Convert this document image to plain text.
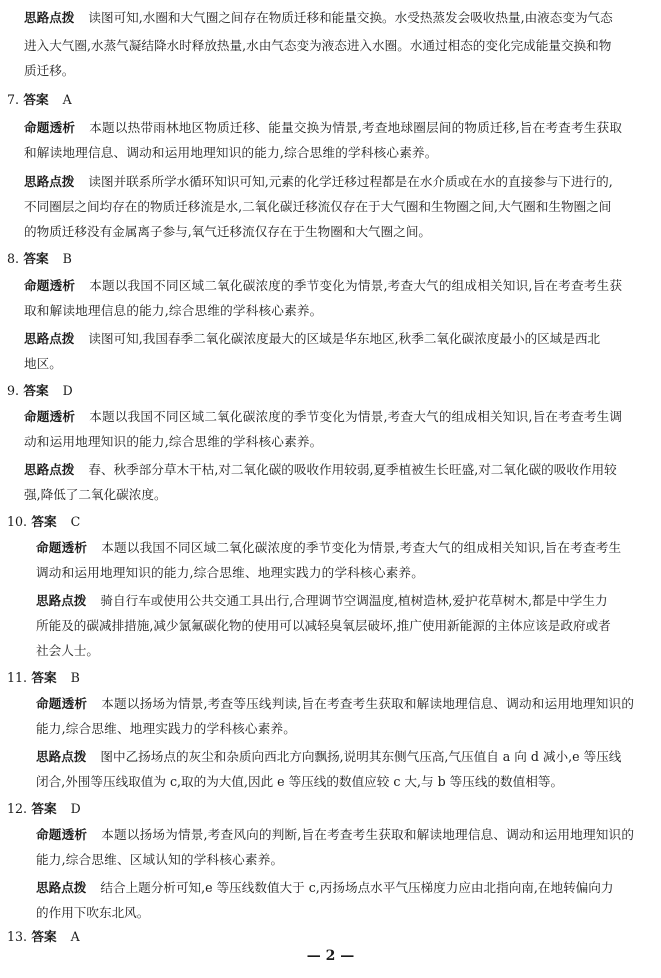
思路点拨 读图可知,水圈和大气圈之间存在物质迁移和能量交换。水受热蒸发会吸收热量,由液态变为气态
进入大气圈,水蒸气凝结降水时释放热量,水由气态变为液态进入水圈。水通过相态的变化完成能量交换和物
质迁移。
7. 答案 A
命题透析 本题以热带雨林地区物质迁移、能量交换为情景,考查地球圈层间的物质迁移,旨在考查考生获取
和解读地理信息、调动和运用地理知识的能力,综合思维的学科核心素养。
思路点拨 读图并联系所学水循环知识可知,元素的化学迁移过程都是在水介质或在水的直接参与下进行的,
不同圈层之间均存在的物质迁移流是水,二氧化碳迁移流仅存在于大气圈和生物圈之间,大气圈和生物圈之间
的物质迁移没有金属离子参与,氧气迁移流仅存在于生物圈和大气圈之间。
8. 答案 B
命题透析 本题以我国不同区域二氧化碳浓度的季节变化为情景,考查大气的组成相关知识,旨在考查考生获
取和解读地理信息的能力,综合思维的学科核心素养。
思路点拨 读图可知,我国春季二氧化碳浓度最大的区域是华东地区,秋季二氧化碳浓度最小的区域是西北
地区。
9. 答案 D
命题透析 本题以我国不同区域二氧化碳浓度的季节变化为情景,考查大气的组成相关知识,旨在考查考生调
动和运用地理知识的能力,综合思维的学科核心素养。
思路点拨 春、秋季部分草木干枯,对二氧化碳的吸收作用较弱,夏季植被生长旺盛,对二氧化碳的吸收作用较
强,降低了二氧化碳浓度。
10. 答案 C
命题透析 本题以我国不同区域二氧化碳浓度的季节变化为情景,考查大气的组成相关知识,旨在考查考生
调动和运用地理知识的能力,综合思维、地理实践力的学科核心素养。
思路点拨 骑自行车或使用公共交通工具出行,合理调节空调温度,植树造林,爱护花草树木,都是中学生力
所能及的碳减排措施,减少氯氟碳化物的使用可以减轻臭氧层破坏,推广使用新能源的主体应该是政府或者
社会人士。
11. 答案 B
命题透析 本题以扬场为情景,考查等压线判读,旨在考查考生获取和解读地理信息、调动和运用地理知识的
能力,综合思维、地理实践力的学科核心素养。
思路点拨 图中乙扬场点的灰尘和杂质向西北方向飘扬,说明其东侧气压高,气压值自 a 向 d 减小,e 等压线
闭合,外围等压线取值为 c,取的为大值,因此 e 等压线的数值应较 c 大,与 b 等压线的数值相等。
12. 答案 D
命题透析 本题以扬场为情景,考查风向的判断,旨在考查考生获取和解读地理信息、调动和运用地理知识的
能力,综合思维、区域认知的学科核心素养。
思路点拨 结合上题分析可知,e 等压线数值大于 c,丙扬场点水平气压梯度力应由北指向南,在地转偏向力
的作用下吹东北风。
13. 答案 A
— 2 —
